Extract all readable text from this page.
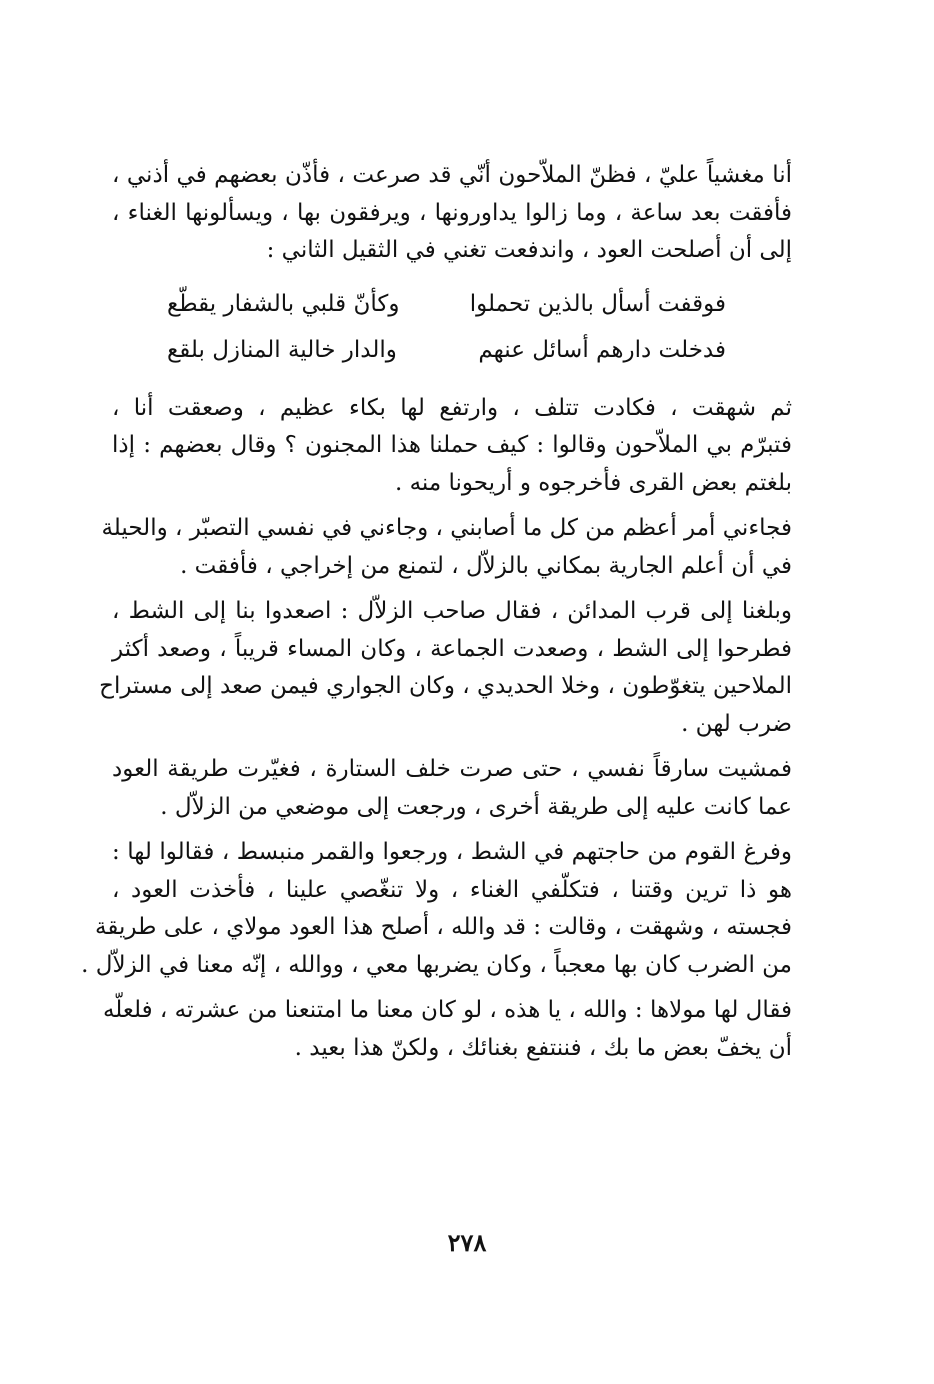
أنا مغشياً عليّ ، فظنّ الملاّحون أنّي قد صرعت ، فأذّن بعضهم في أذني ،
فأفقت بعد ساعة ، وما زالوا يداورونها ، ويرفقون بها ، ويسألونها الغناء ،
إلى أن أصلحت العود ، واندفعت تغني في الثقيل الثاني :
فوقفت أسأل بالذين تحملوا
وكأنّ قلبي بالشفار يقطّع
فدخلت دارهم أسائل عنهم
والدار خالية المنازل بلقع
ثم شهقت ، فكادت تتلف ، وارتفع لها بكاء عظيم ، وصعقت أنا ،
فتبرّم بي الملاّحون وقالوا : كيف حملنا هذا المجنون ؟ وقال بعضهم : إذا
بلغتم بعض القرى فأخرجوه و أريحونا منه .
فجاءني أمر أعظم من كل ما أصابني ، وجاءني في نفسي التصبّر ، والحيلة
في أن أعلم الجارية بمكاني بالزلاّل ، لتمنع من إخراجي ، فأفقت .
وبلغنا إلى قرب المدائن ، فقال صاحب الزلاّل : اصعدوا بنا إلى الشط ،
فطرحوا إلى الشط ، وصعدت الجماعة ، وكان المساء قريباً ، وصعد أكثر
الملاحين يتغوّطون ، وخلا الحديدي ، وكان الجواري فيمن صعد إلى مستراح
ضرب لهن .
فمشيت سارقاً نفسي ، حتى صرت خلف الستارة ، فغيّرت طريقة العود
عما كانت عليه إلى طريقة أخرى ، ورجعت إلى موضعي من الزلاّل .
وفرغ القوم من حاجتهم في الشط ، ورجعوا والقمر منبسط ، فقالوا لها :
هو ذا ترين وقتنا ، فتكلّفي الغناء ، ولا تنغّصي علينا ، فأخذت العود ،
فجسته ، وشهقت ، وقالت : قد والله ، أصلح هذا العود مولاي ، على طريقة
من الضرب كان بها معجباً ، وكان يضربها معي ، ووالله ، إنّه معنا في الزلاّل .
فقال لها مولاها : والله ، يا هذه ، لو كان معنا ما امتنعنا من عشرته ، فلعلّه
أن يخفّ بعض ما بك ، فننتفع بغنائك ، ولكنّ هذا بعيد .
٢٧٨
